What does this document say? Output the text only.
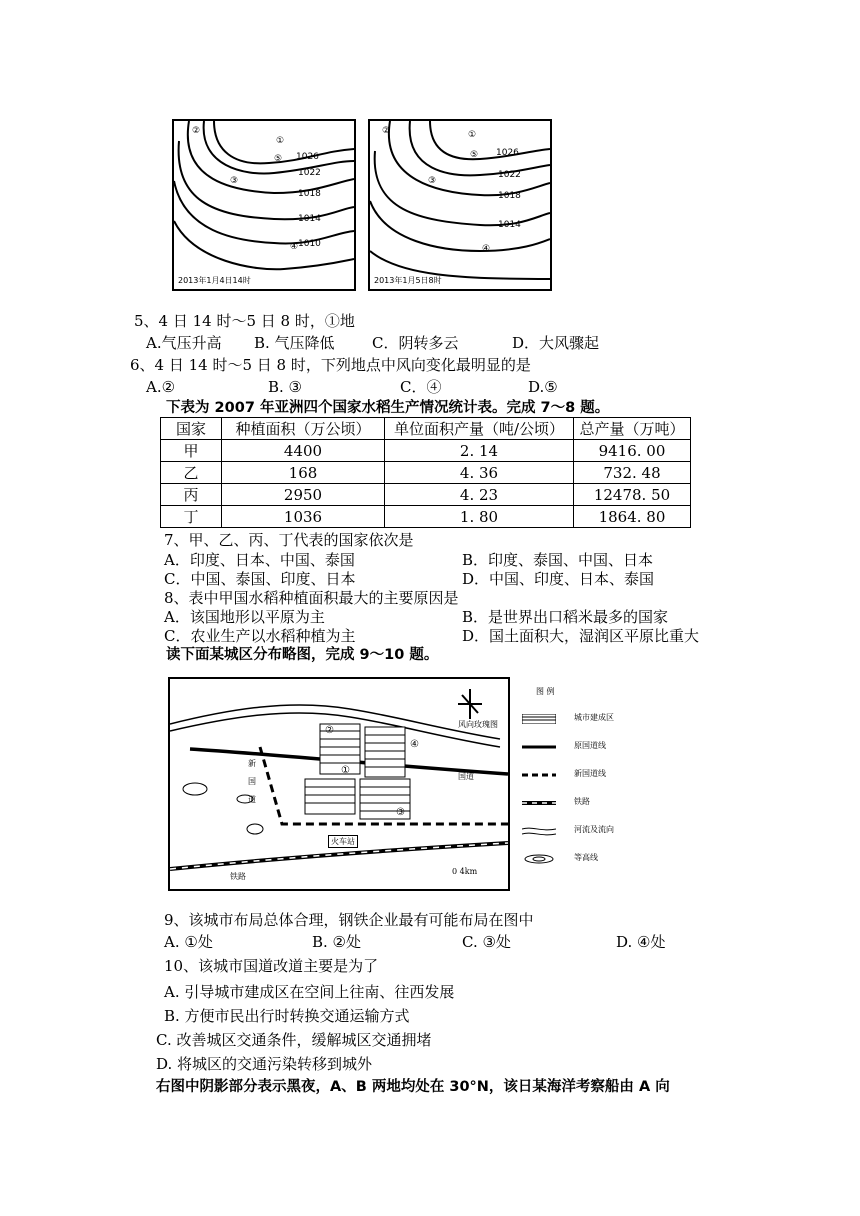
1026
1022
1018
1014
1010
②
①
⑤
③
④
2013年1月4日14时
1026
1022
1018
1014
②	①
⑤
③
④
2013年1月5日8时
5、4 日 14 时～5 日 8 时，①地
A.气压升高 B. 气压降低 C．阴转多云	D．大风骤起
6、4 日 14 时～5 日 8 时，下列地点中风向变化最明显的是
A.②	B. ③	C．④	D.⑤
下表为 2007 年亚洲四个国家水稻生产情况统计表。完成 7～8 题。
国家	种植面积（万公顷）	单位面积产量（吨/公顷）	总产量（万吨）
甲	4400	2. 14	9416. 00
乙	168	4. 36	732. 48
丙	2950	4. 23	12478. 50
丁	1036	1. 80	1864. 80
7、甲、乙、丙、丁代表的国家依次是
A．印度、日本、中国、泰国	B．印度、泰国、中国、日本
C．中国、泰国、印度、日本	D．中国、印度、日本、泰国
8、表中甲国水稻种植面积最大的主要原因是
A．该国地形以平原为主	B．是世界出口稻米最多的国家
C．农业生产以水稻种植为主	D．国土面积大，湿润区平原比重大
读下面某城区分布略图，完成 9～10 题。
新国道
风向玫瑰图
国道
火车站
铁路
0 4km
①
②
③
④
图 例
城市建成区
原国道线
新国道线
铁路
河流及流向
等高线
9、该城市布局总体合理，钢铁企业最有可能布局在图中
A. ①处	B. ②处	C. ③处	D. ④处
10、该城市国道改道主要是为了
A. 引导城市建成区在空间上往南、往西发展
B. 方便市民出行时转换交通运输方式
C. 改善城区交通条件，缓解城区交通拥堵
D. 将城区的交通污染转移到城外
右图中阴影部分表示黑夜，A、B 两地均处在 30°N，该日某海洋考察船由 A 向
